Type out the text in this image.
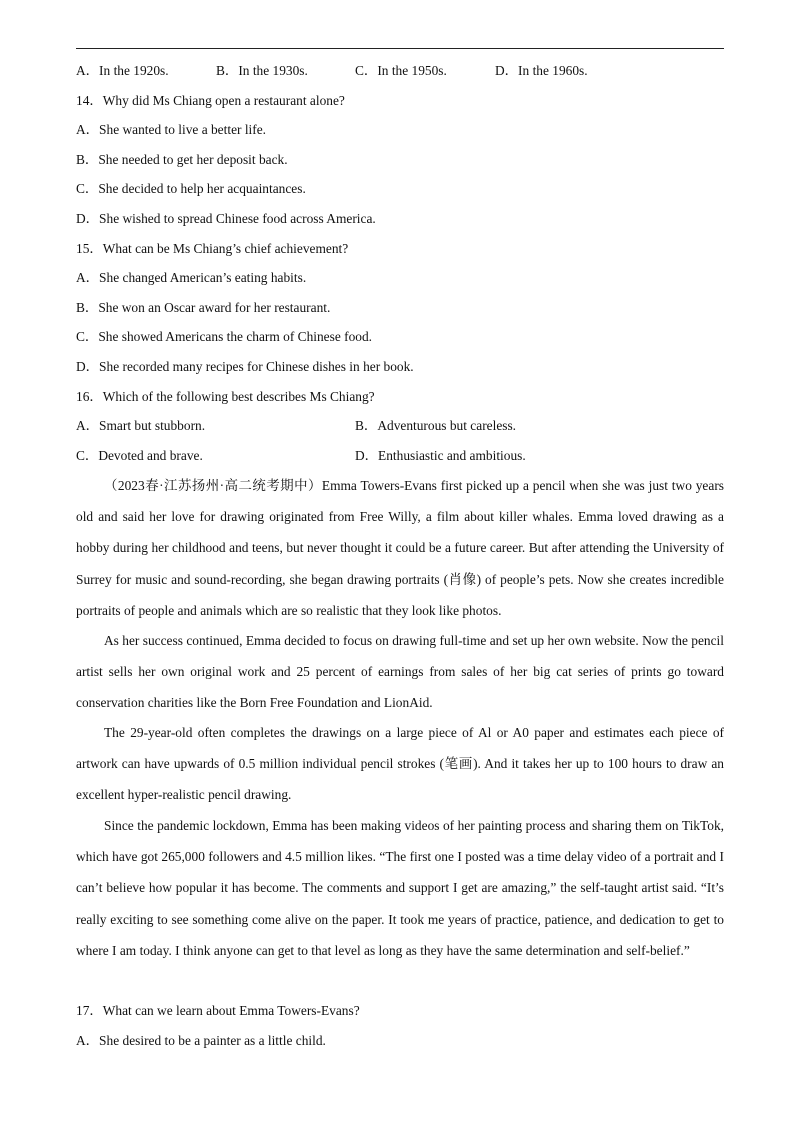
A．In the 1920s.	B．In the 1930s.	C．In the 1950s.	D．In the 1960s.
14．Why did Ms Chiang open a restaurant alone?
A．She wanted to live a better life.
B．She needed to get her deposit back.
C．She decided to help her acquaintances.
D．She wished to spread Chinese food across America.
15．What can be Ms Chiang’s chief achievement?
A．She changed American’s eating habits.
B．She won an Oscar award for her restaurant.
C．She showed Americans the charm of Chinese food.
D．She recorded many recipes for Chinese dishes in her book.
16．Which of the following best describes Ms Chiang?
A．Smart but stubborn.	B．Adventurous but careless.
C．Devoted and brave.	D．Enthusiastic and ambitious.

（2023春·江苏扬州·高二统考期中）Emma Towers-Evans first picked up a pencil when she was just two years old and said her love for drawing originated from Free Willy, a film about killer whales. Emma loved drawing as a hobby during her childhood and teens, but never thought it could be a future career. But after attending the University of Surrey for music and sound-recording, she began drawing portraits (肖像) of people’s pets. Now she creates incredible portraits of people and animals which are so realistic that they look like photos.

As her success continued, Emma decided to focus on drawing full-time and set up her own website. Now the pencil artist sells her own original work and 25 percent of earnings from sales of her big cat series of prints go toward conservation charities like the Born Free Foundation and LionAid.

The 29-year-old often completes the drawings on a large piece of Al or A0 paper and estimates each piece of artwork can have upwards of 0.5 million individual pencil strokes (笔画). And it takes her up to 100 hours to draw an excellent hyper-realistic pencil drawing.

Since the pandemic lockdown, Emma has been making videos of her painting process and sharing them on TikTok, which have got 265,000 followers and 4.5 million likes. “The first one I posted was a time delay video of a portrait and I can’t believe how popular it has become. The comments and support I get are amazing,” the self-taught artist said. “It’s really exciting to see something come alive on the paper. It took me years of practice, patience, and dedication to get to where I am today. I think anyone can get to that level as long as they have the same determination and self-belief.”

17．What can we learn about Emma Towers-Evans?
A．She desired to be a painter as a little child.
